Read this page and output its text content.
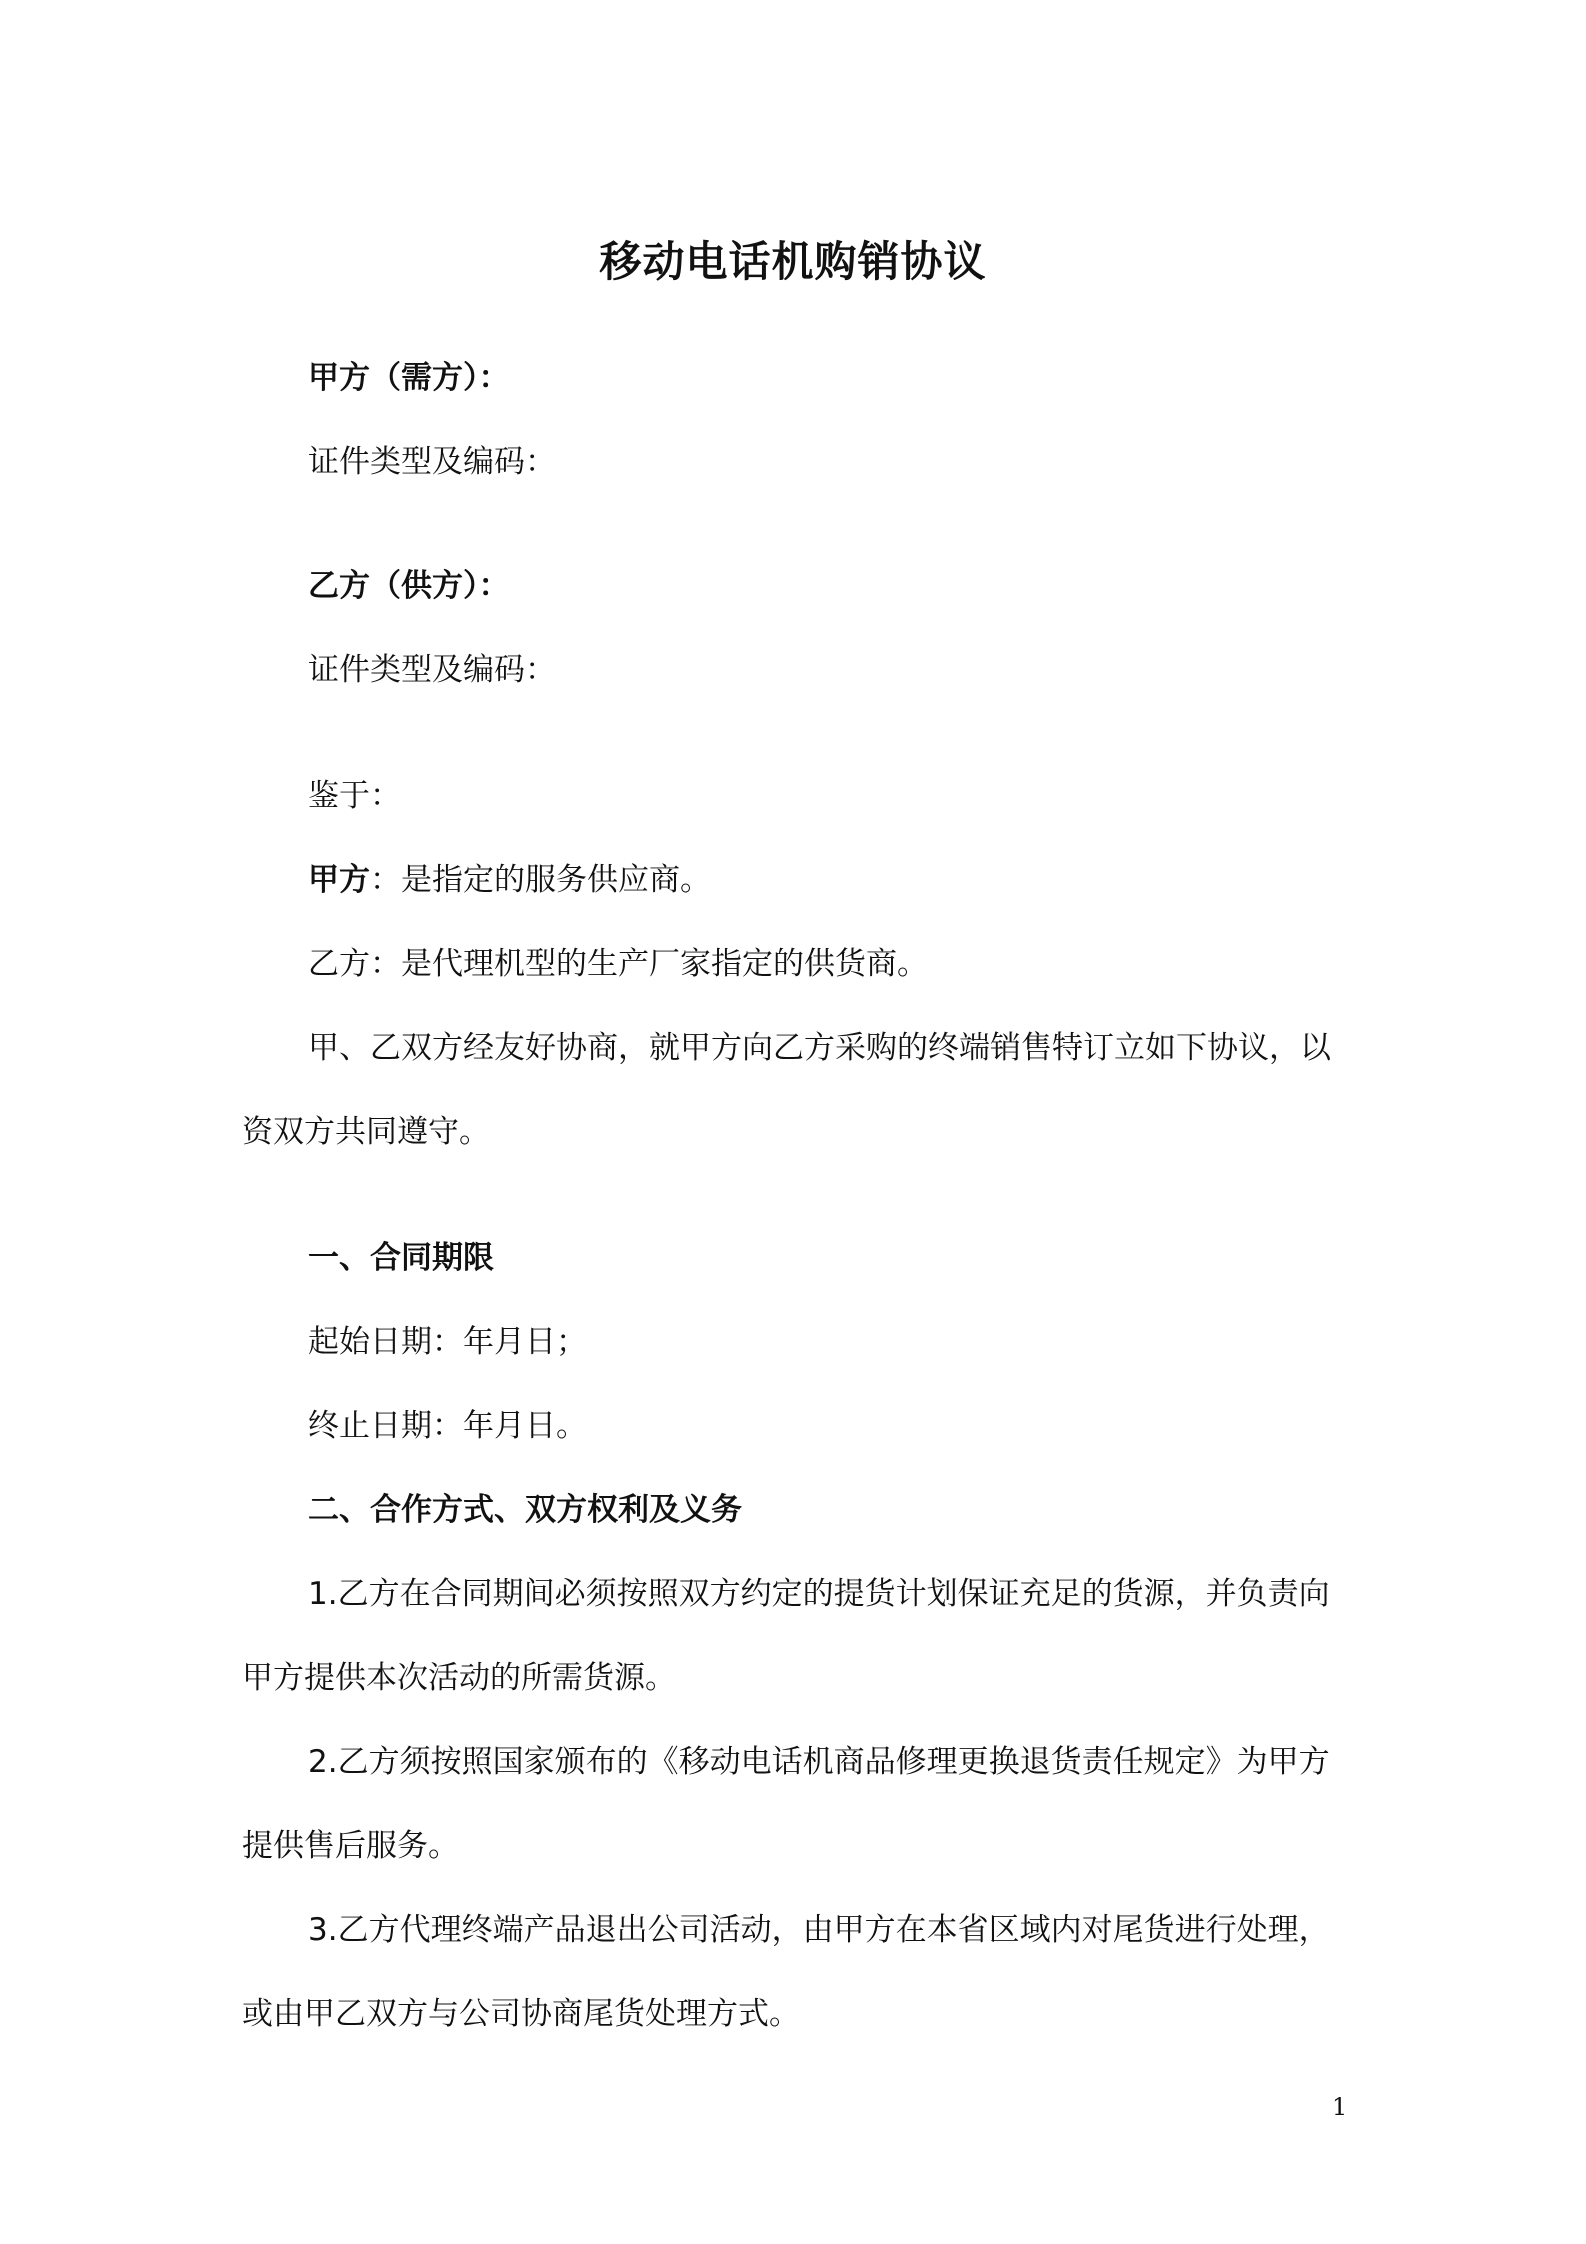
移动电话机购销协议
甲方（需方）：
证件类型及编码：
乙方（供方）：
证件类型及编码：
鉴于：
甲方：是指定的服务供应商。
乙方：是代理机型的生产厂家指定的供货商。
甲、乙双方经友好协商，就甲方向乙方采购的终端销售特订立如下协议，以
资双方共同遵守。
一、合同期限
起始日期：年月日；
终止日期：年月日。
二、合作方式、双方权利及义务
1.乙方在合同期间必须按照双方约定的提货计划保证充足的货源，并负责向
甲方提供本次活动的所需货源。
2.乙方须按照国家颁布的《移动电话机商品修理更换退货责任规定》为甲方
提供售后服务。
3.乙方代理终端产品退出公司活动，由甲方在本省区域内对尾货进行处理，
或由甲乙双方与公司协商尾货处理方式。
1
